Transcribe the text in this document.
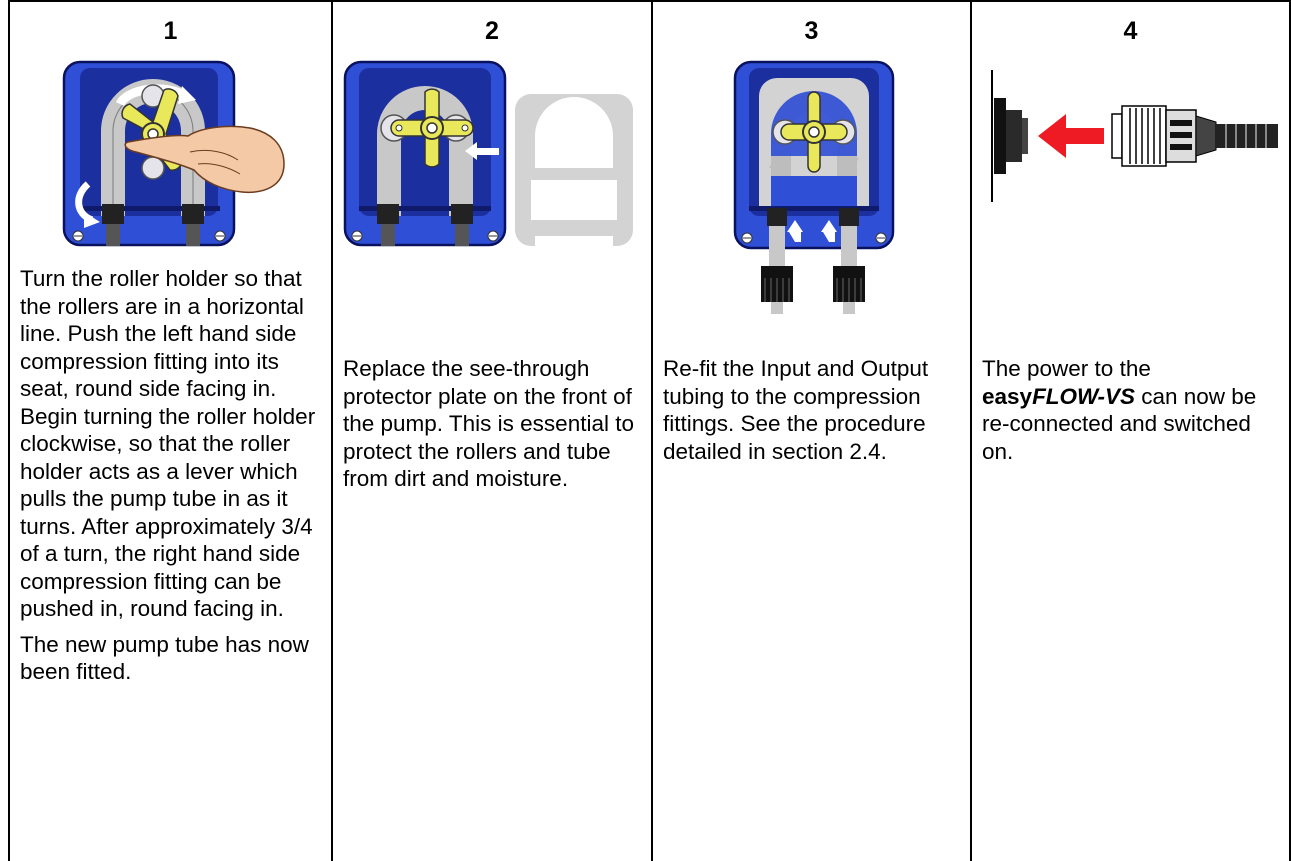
1

Turn the roller holder so that the rollers are in a horizontal line. Push the left hand side compression fitting into its seat, round side facing in. Begin turning the roller holder clockwise, so that the roller holder acts as a lever which pulls the pump tube in as it turns. After approximately 3/4 of a turn, the right hand side compression fitting can be pushed in, round facing in.

The new pump tube has now been fitted.

2

Replace the see-through protector plate on the front of the pump. This is essential to protect the rollers and tube from dirt and moisture.

3

Re-fit the Input and Output tubing to the compression fittings. See the procedure detailed in section 2.4.

4

The power to the
easyFLOW-VS can now be re-connected and switched on.
